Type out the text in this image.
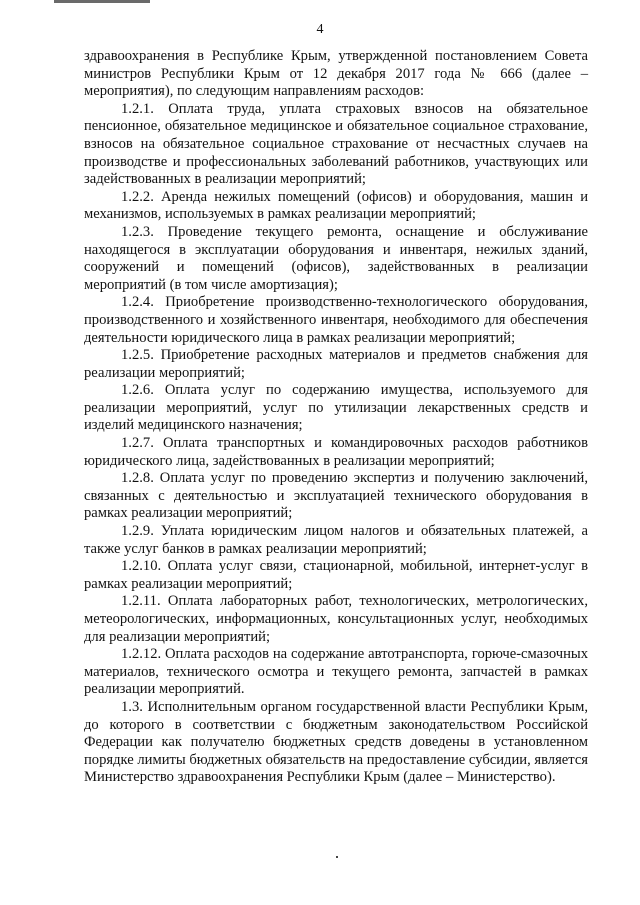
4

здравоохранения в Республике Крым, утвержденной постановлением Совета министров Республики Крым от 12 декабря 2017 года № 666 (далее – мероприятия), по следующим направлениям расходов:

1.2.1. Оплата труда, уплата страховых взносов на обязательное пенсионное, обязательное медицинское и обязательное социальное страхование, взносов на обязательное социальное страхование от несчастных случаев на производстве и профессиональных заболеваний работников, участвующих или задействованных в реализации мероприятий;

1.2.2. Аренда нежилых помещений (офисов) и оборудования, машин и механизмов, используемых в рамках реализации мероприятий;

1.2.3. Проведение текущего ремонта, оснащение и обслуживание находящегося в эксплуатации оборудования и инвентаря, нежилых зданий, сооружений и помещений (офисов), задействованных в реализации мероприятий (в том числе амортизация);

1.2.4. Приобретение производственно-технологического оборудования, производственного и хозяйственного инвентаря, необходимого для обеспечения деятельности юридического лица в рамках реализации мероприятий;

1.2.5. Приобретение расходных материалов и предметов снабжения для реализации мероприятий;

1.2.6. Оплата услуг по содержанию имущества, используемого для реализации мероприятий, услуг по утилизации лекарственных средств и изделий медицинского назначения;

1.2.7. Оплата транспортных и командировочных расходов работников юридического лица, задействованных в реализации мероприятий;

1.2.8. Оплата услуг по проведению экспертиз и получению заключений, связанных с деятельностью и эксплуатацией технического оборудования в рамках реализации мероприятий;

1.2.9. Уплата юридическим лицом налогов и обязательных платежей, а также услуг банков в рамках реализации мероприятий;

1.2.10. Оплата услуг связи, стационарной, мобильной, интернет-услуг в рамках реализации мероприятий;

1.2.11. Оплата лабораторных работ, технологических, метрологических, метеорологических, информационных, консультационных услуг, необходимых для реализации мероприятий;

1.2.12. Оплата расходов на содержание автотранспорта, горюче-смазочных материалов, технического осмотра и текущего ремонта, запчастей в рамках реализации мероприятий.

1.3. Исполнительным органом государственной власти Республики Крым, до которого в соответствии с бюджетным законодательством Российской Федерации как получателю бюджетных средств доведены в установленном порядке лимиты бюджетных обязательств на предоставление субсидии, является Министерство здравоохранения Республики Крым (далее – Министерство).
